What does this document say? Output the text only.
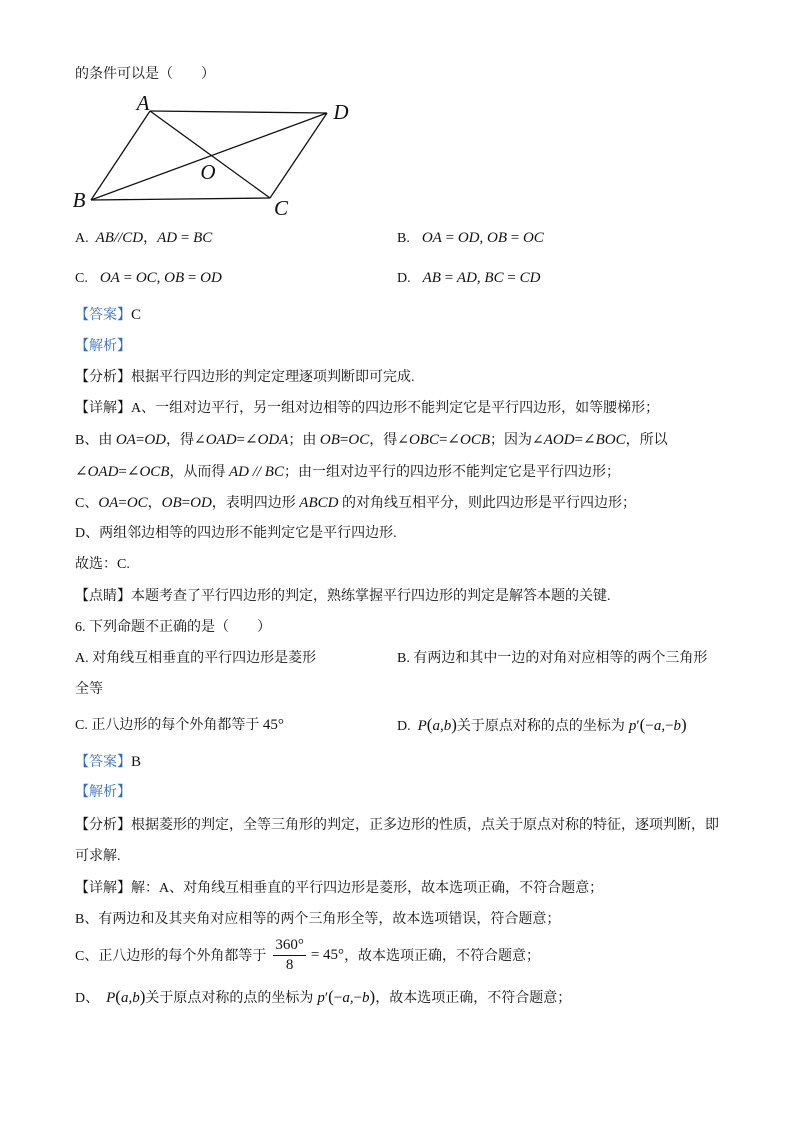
的条件可以是（　　）
A	D
B	C
O
A. AB//CD，AD = BC	B. OA = OD, OB = OC
C. OA = OC, OB = OD	D. AB = AD, BC = CD
【答案】C
【解析】
【分析】根据平行四边形的判定定理逐项判断即可完成.
【详解】A、一组对边平行，另一组对边相等的四边形不能判定它是平行四边形，如等腰梯形；
B、由 OA=OD，得∠OAD=∠ODA；由 OB=OC，得∠OBC=∠OCB；因为∠AOD=∠BOC，所以
∠OAD=∠OCB，从而得 AD // BC；由一组对边平行的四边形不能判定它是平行四边形；
C、OA=OC，OB=OD，表明四边形 ABCD 的对角线互相平分，则此四边形是平行四边形；
D、两组邻边相等的四边形不能判定它是平行四边形.
故选：C.
【点睛】本题考查了平行四边形的判定，熟练掌握平行四边形的判定是解答本题的关键.
6. 下列命题不正确的是（　　）
A. 对角线互相垂直的平行四边形是菱形	B. 有两边和其中一边的对角对应相等的两个三角形
全等
C. 正八边形的每个外角都等于 45°	D. P(a,b)关于原点对称的点的坐标为 p′(−a,−b)
【答案】B
【解析】
【分析】根据菱形的判定，全等三角形的判定，正多边形的性质，点关于原点对称的特征，逐项判断，即
可求解.
【详解】解：A、对角线互相垂直的平行四边形是菱形，故本选项正确，不符合题意；
B、有两边和及其夹角对应相等的两个三角形全等，故本选项错误，符合题意；
C、正八边形的每个外角都等于 $\frac{360^\circ}{8} = 45^\circ$ ，故本选项正确，不符合题意；
D、 P(a,b)关于原点对称的点的坐标为 p′(−a,−b)，故本选项正确，不符合题意；
